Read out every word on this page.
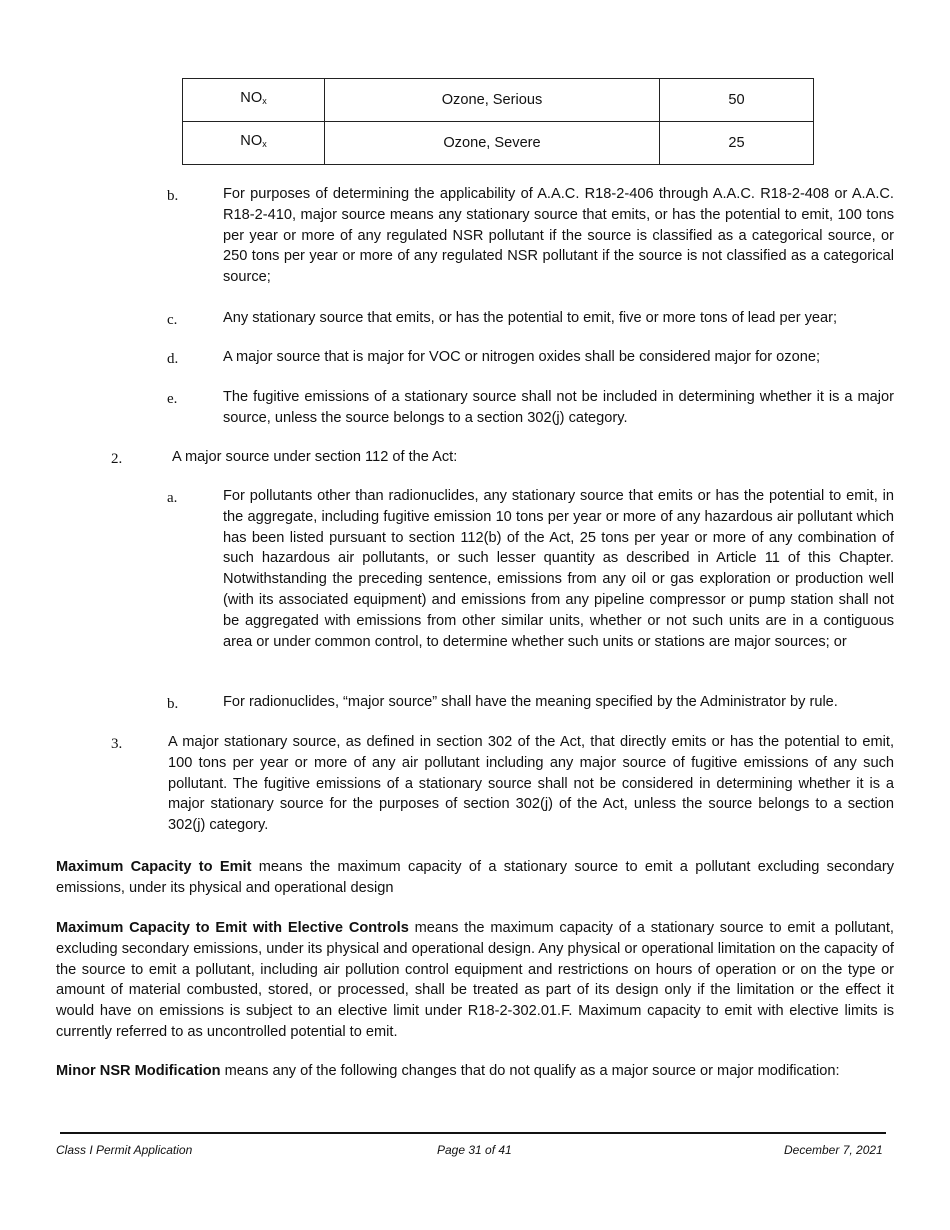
$NO_x$	Ozone, Serious	50
$NO_x$	Ozone, Severe	25
b.	For purposes of determining the applicability of A.A.C. R18-2-406 through A.A.C. R18-2-408 or A.A.C. R18-2-410, major source means any stationary source that emits, or has the potential to emit, 100 tons per year or more of any regulated NSR pollutant if the source is classified as a categorical source, or 250 tons per year or more of any regulated NSR pollutant if the source is not classified as a categorical source;
c.	Any stationary source that emits, or has the potential to emit, five or more tons of lead per year;
d.	A major source that is major for VOC or nitrogen oxides shall be considered major for ozone;
e.	The fugitive emissions of a stationary source shall not be included in determining whether it is a major source, unless the source belongs to a section 302(j) category.
2.	A major source under section 112 of the Act:
a.	For pollutants other than radionuclides, any stationary source that emits or has the potential to emit, in the aggregate, including fugitive emission 10 tons per year or more of any hazardous air pollutant which has been listed pursuant to section 112(b) of the Act, 25 tons per year or more of any combination of such hazardous air pollutants, or such lesser quantity as described in Article 11 of this Chapter. Notwithstanding the preceding sentence, emissions from any oil or gas exploration or production well (with its associated equipment) and emissions from any pipeline compressor or pump station shall not be aggregated with emissions from other similar units, whether or not such units are in a contiguous area or under common control, to determine whether such units or stations are major sources; or
b.	For radionuclides, “major source” shall have the meaning specified by the Administrator by rule.
3.	A major stationary source, as defined in section 302 of the Act, that directly emits or has the potential to emit, 100 tons per year or more of any air pollutant including any major source of fugitive emissions of any such pollutant. The fugitive emissions of a stationary source shall not be considered in determining whether it is a major stationary source for the purposes of section 302(j) of the Act, unless the source belongs to a section 302(j) category.
Maximum Capacity to Emit means the maximum capacity of a stationary source to emit a pollutant excluding secondary emissions, under its physical and operational design
Maximum Capacity to Emit with Elective Controls means the maximum capacity of a stationary source to emit a pollutant, excluding secondary emissions, under its physical and operational design. Any physical or operational limitation on the capacity of the source to emit a pollutant, including air pollution control equipment and restrictions on hours of operation or on the type or amount of material combusted, stored, or processed, shall be treated as part of its design only if the limitation or the effect it would have on emissions is subject to an elective limit under R18-2-302.01.F. Maximum capacity to emit with elective limits is currently referred to as uncontrolled potential to emit.
Minor NSR Modification means any of the following changes that do not qualify as a major source or major modification:
Class I Permit Application	Page 31 of 41	December 7, 2021
